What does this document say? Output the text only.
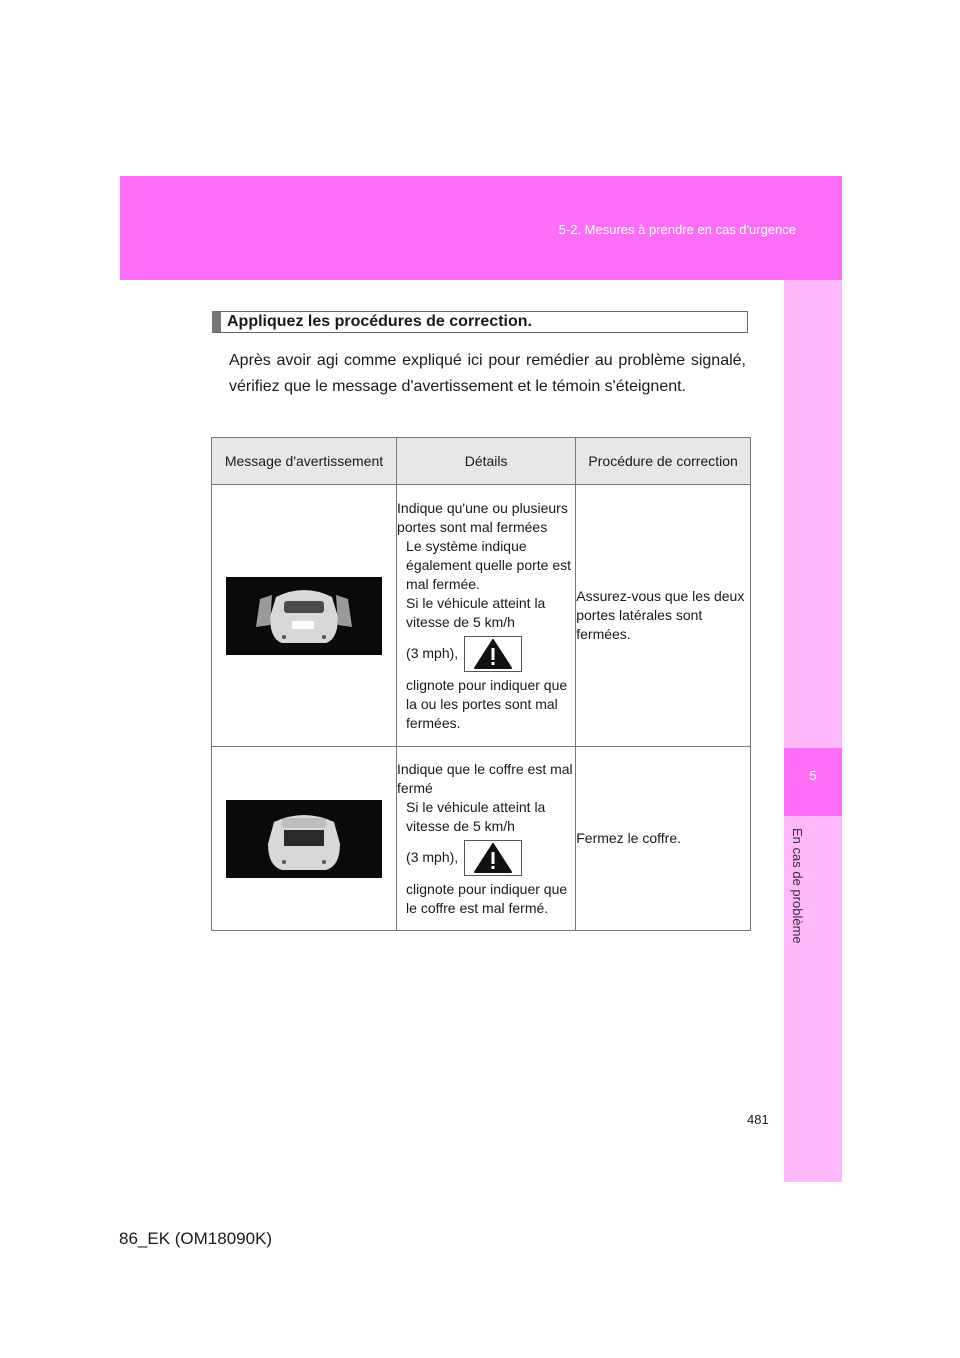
5-2. Mesures à prendre en cas d'urgence
5
En cas de problème
Appliquez les procédures de correction.
Après avoir agi comme expliqué ici pour remédier au problème signalé, vérifiez que le message d'avertissement et le témoin s'éteignent.
Message d'avertissement	Détails	Procédure de correction

Indique qu'une ou plusieurs portes sont mal fermées
Le système indique également quelle porte est mal fermée.
Si le véhicule atteint la vitesse de 5 km/h
(3 mph),
clignote pour indiquer que la ou les portes sont mal fermées.	Assurez-vous que les deux portes latérales sont fermées.

Indique que le coffre est mal fermé
Si le véhicule atteint la vitesse de 5 km/h
(3 mph),
clignote pour indiquer que le coffre est mal fermé.	Fermez le coffre.
481
86_EK (OM18090K)
